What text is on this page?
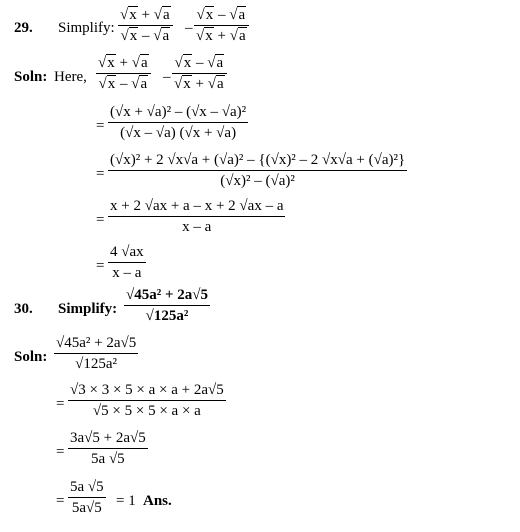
29. Simplify:
√x + √a
√x – √a –
√x – √a
√x + √a
Soln: Here,
√x + √a
√x – √a –
√x – √a
√x + √a
=
(√x + √a)² – (√x – √a)²
(√x – √a) (√x + √a)
=
(√x)² + 2 √x√a + (√a)² – {(√x)² – 2 √x√a + (√a)²}
(√x)² – (√a)²
=
x + 2 √ax + a – x + 2 √ax – a
x – a
=
4 √ax
x – a
30. Simplify:
√45a² + 2a√5
√125a²
Soln:
√45a² + 2a√5
√125a²
=
√3 × 3 × 5 × a × a + 2a√5
√5 × 5 × 5 × a × a
=
3a√5 + 2a√5
5a √5
=
5a √5
5a√5 = 1 Ans.
